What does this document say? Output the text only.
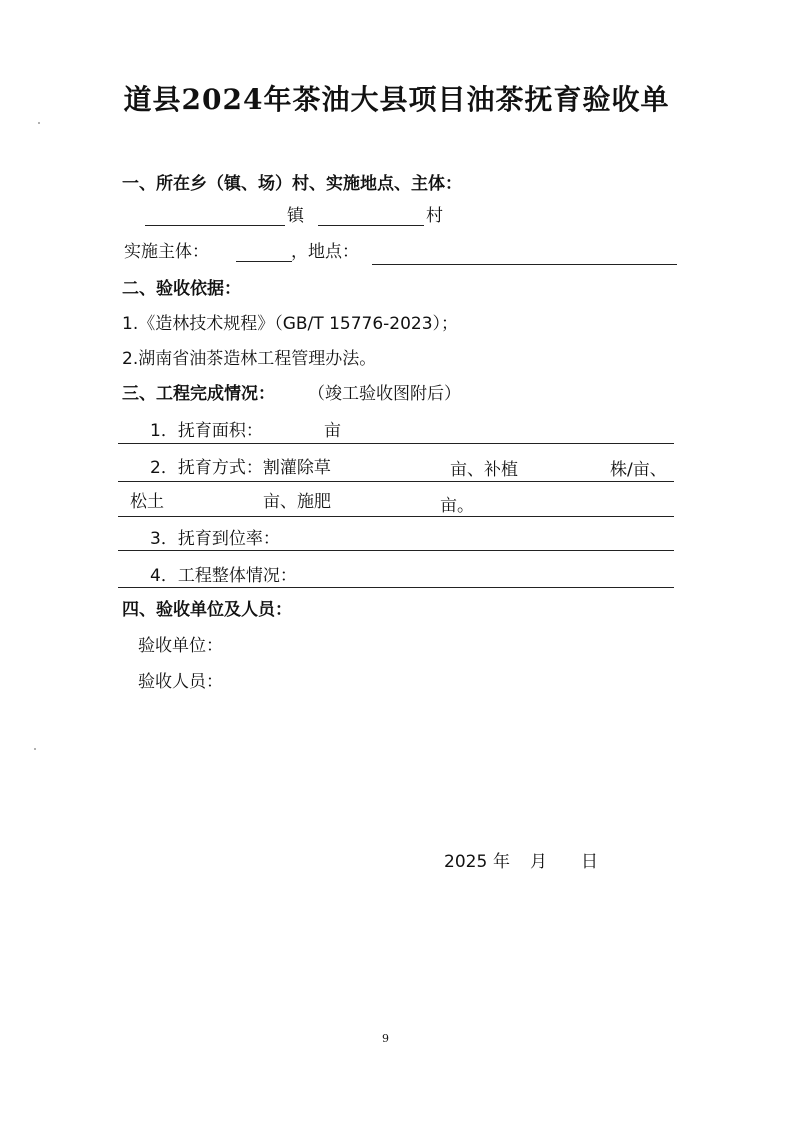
道县2024年茶油大县项目油茶抚育验收单
一、所在乡（镇、场）村、实施地点、主体：
镇	村
实施主体：	，地点：
二、验收依据：
1.《造林技术规程》（GB/T 15776-2023）；
2.湖南省油茶造林工程管理办法。
三、工程完成情况： （竣工验收图附后）
1．抚育面积：	亩
2．抚育方式：割灌除草	亩、补植	株/亩、
松土	亩、施肥	亩。
3．抚育到位率：
4．工程整体情况：
四、验收单位及人员：
验收单位：
验收人员：
2025 年 月 日
9
